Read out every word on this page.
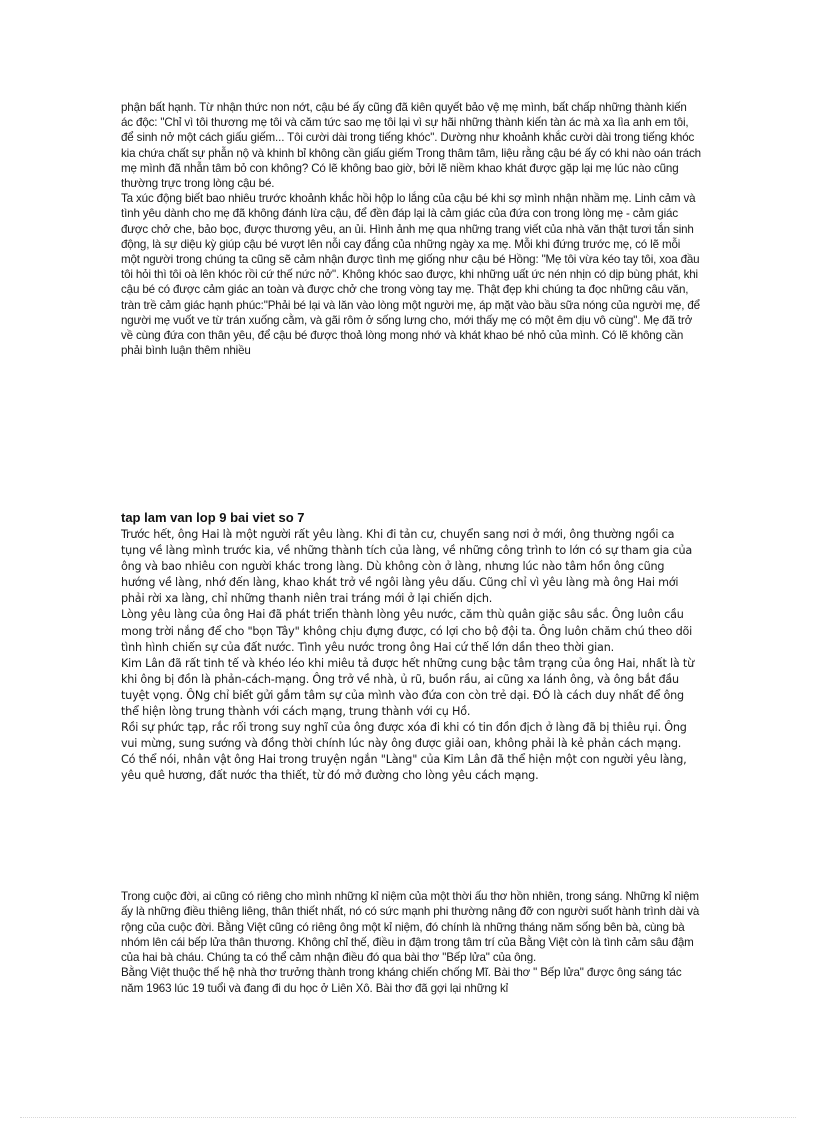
phận bất hạnh. Từ nhận thức non nớt, cậu bé ấy cũng đã kiên quyết bảo vệ mẹ mình, bất chấp những thành kiến ác độc: "Chỉ vì tôi thương mẹ tôi và căm tức sao mẹ tôi lại vì sự hãi những thành kiến tàn ác mà xa lìa anh em tôi, để sinh nở một cách giấu giếm... Tôi cười dài trong tiếng khóc". Dường như khoảnh khắc cười dài trong tiếng khóc kia chứa chất sự phẫn nộ và khinh bỉ không cần giấu giếm Trong thâm tâm, liệu rằng cậu bé ấy có khi nào oán trách mẹ mình đã nhẫn tâm bỏ con không? Có lẽ không bao giờ, bởi lẽ niềm khao khát được gặp lại mẹ lúc nào cũng thường trực trong lòng cậu bé.

Ta xúc động biết bao nhiêu trước khoảnh khắc hồi hộp lo lắng của cậu bé khi sợ mình nhận nhầm mẹ. Linh cảm và tình yêu dành cho mẹ đã không đánh lừa cậu, để đền đáp lại là cảm giác của đứa con trong lòng mẹ - cảm giác được chở che, bảo bọc, được thương yêu, an ủi. Hình ảnh mẹ qua những trang viết của nhà văn thật tươi tắn sinh động, là sự diệu kỳ giúp cậu bé vượt lên nỗi cay đắng của những ngày xa mẹ. Mỗi khi đứng trước mẹ, có lẽ mỗi một người trong chúng ta cũng sẽ cảm nhận được tình mẹ giống như cậu bé Hồng: "Mẹ tôi vừa kéo tay tôi, xoa đầu tôi hỏi thì tôi oà lên khóc rồi cứ thế nức nở". Không khóc sao được, khi những uất ức nén nhịn có dịp bùng phát, khi cậu bé có được cảm giác an toàn và được chở che trong vòng tay mẹ. Thật đẹp khi chúng ta đọc những câu văn, tràn trề cảm giác hạnh phúc:"Phải bé lại và lăn vào lòng một người mẹ, áp mặt vào bầu sữa nóng của người mẹ, để người mẹ vuốt ve từ trán xuống cằm, và gãi rôm ở sống lưng cho, mới thấy mẹ có một êm dịu vô cùng". Mẹ đã trở về cùng đứa con thân yêu, để cậu bé được thoả lòng mong nhớ và khát khao bé nhỏ của mình. Có lẽ không cần phải bình luận thêm nhiều

tap lam van lop 9 bai viet so 7

Trước hết, ông Hai là một người rất yêu làng. Khi đi tản cư, chuyển sang nơi ở mới, ông thường ngồi ca tụng về làng mình trước kia, về những thành tích của làng, về những công trình to lớn có sự tham gia của ông và bao nhiêu con người khác trong làng. Dù không còn ở làng, nhưng lúc nào tâm hồn ông cũng hướng về làng, nhớ đến làng, khao khát trở về ngôi làng yêu dấu. Cũng chỉ vì yêu làng mà ông Hai mới phải rời xa làng, chỉ những thanh niên trai tráng mới ở lại chiến dịch.

Lòng yêu làng của ông Hai đã phát triển thành lòng yêu nước, căm thù quân giặc sâu sắc. Ông luôn cầu mong trời nắng để cho "bọn Tây" không chịu đựng được, có lợi cho bộ đội ta. Ông luôn chăm chú theo dõi tình hình chiến sự của đất nước. Tình yêu nước trong ông Hai cứ thế lớn dần theo thời gian.

Kim Lân đã rất tinh tế và khéo léo khi miêu tả được hết những cung bậc tâm trạng của ông Hai, nhất là từ khi ông bị đồn là phản-cách-mạng. Ông trở về nhà, ủ rũ, buồn rầu, ai cũng xa lánh ông, và ông bắt đầu tuyệt vọng. ÔNg chỉ biết gửi gắm tâm sự của mình vào đứa con còn trẻ dại. ĐÓ là cách duy nhất để ông thể hiện lòng trung thành với cách mạng, trung thành với cụ Hồ.

Rồi sự phức tạp, rắc rối trong suy nghĩ của ông được xóa đi khi có tin đồn địch ở làng đã bị thiêu rụi. Ông vui mừng, sung sướng và đồng thời chính lúc này ông được giải oan, không phải là kẻ phản cách mạng.

Có thể nói, nhân vật ông Hai trong truyện ngắn "Làng" của Kim Lân đã thể hiện một con người yêu làng, yêu quê hương, đất nước tha thiết, từ đó mở đường cho lòng yêu cách mạng.

Trong cuộc đời, ai cũng có riêng cho mình những kỉ niệm của một thời ấu thơ hồn nhiên, trong sáng. Những kỉ niệm ấy là những điều thiêng liêng, thân thiết nhất, nó có sức mạnh phi thường nâng đỡ con người suốt hành trình dài và rộng của cuộc đời. Bằng Việt cũng có riêng ông một kỉ niệm, đó chính là những tháng năm sống bên bà, cùng bà nhóm lên cái bếp lửa thân thương. Không chỉ thế, điều in đậm trong tâm trí của Bằng Việt còn là tình cảm sâu đậm của hai bà cháu. Chúng ta có thể cảm nhận điều đó qua bài thơ "Bếp lửa" của ông.

Bằng Việt thuộc thế hệ nhà thơ trưởng thành trong kháng chiến chống Mĩ. Bài thơ " Bếp lửa" được ông sáng tác năm 1963 lúc 19 tuổi và đang đi du học ở Liên Xô. Bài thơ đã gợi lại những kỉ
